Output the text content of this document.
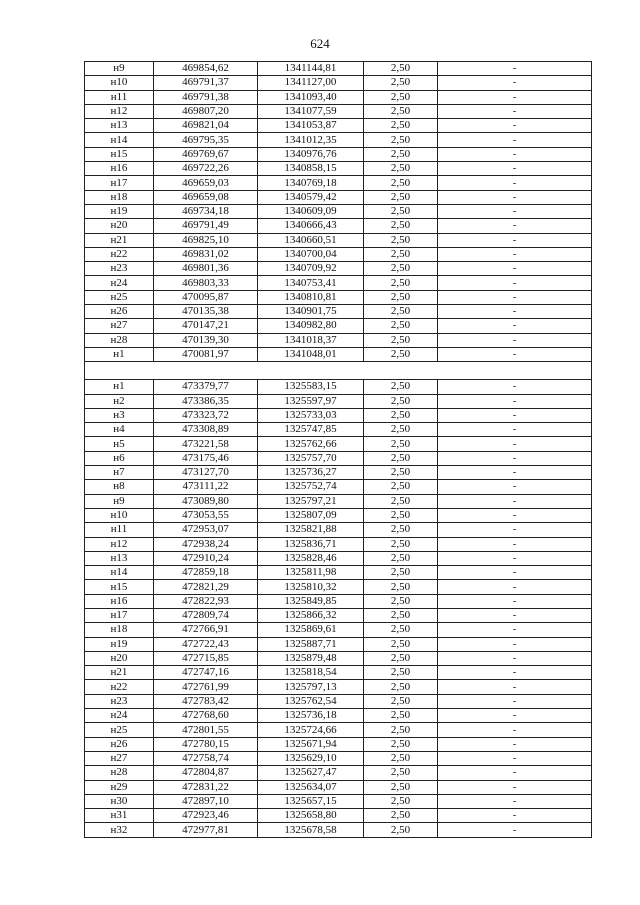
624
н9	469854,62	1341144,81	2,50	-
н10	469791,37	1341127,00	2,50	-
н11	469791,38	1341093,40	2,50	-
н12	469807,20	1341077,59	2,50	-
н13	469821,04	1341053,87	2,50	-
н14	469795,35	1341012,35	2,50	-
н15	469769,67	1340976,76	2,50	-
н16	469722,26	1340858,15	2,50	-
н17	469659,03	1340769,18	2,50	-
н18	469659,08	1340579,42	2,50	-
н19	469734,18	1340609,09	2,50	-
н20	469791,49	1340666,43	2,50	-
н21	469825,10	1340660,51	2,50	-
н22	469831,02	1340700,04	2,50	-
н23	469801,36	1340709,92	2,50	-
н24	469803,33	1340753,41	2,50	-
н25	470095,87	1340810,81	2,50	-
н26	470135,38	1340901,75	2,50	-
н27	470147,21	1340982,80	2,50	-
н28	470139,30	1341018,37	2,50	-
н1	470081,97	1341048,01	2,50	-

н1	473379,77	1325583,15	2,50	-
н2	473386,35	1325597,97	2,50	-
н3	473323,72	1325733,03	2,50	-
н4	473308,89	1325747,85	2,50	-
н5	473221,58	1325762,66	2,50	-
н6	473175,46	1325757,70	2,50	-
н7	473127,70	1325736,27	2,50	-
н8	473111,22	1325752,74	2,50	-
н9	473089,80	1325797,21	2,50	-
н10	473053,55	1325807,09	2,50	-
н11	472953,07	1325821,88	2,50	-
н12	472938,24	1325836,71	2,50	-
н13	472910,24	1325828,46	2,50	-
н14	472859,18	1325811,98	2,50	-
н15	472821,29	1325810,32	2,50	-
н16	472822,93	1325849,85	2,50	-
н17	472809,74	1325866,32	2,50	-
н18	472766,91	1325869,61	2,50	-
н19	472722,43	1325887,71	2,50	-
н20	472715,85	1325879,48	2,50	-
н21	472747,16	1325818,54	2,50	-
н22	472761,99	1325797,13	2,50	-
н23	472783,42	1325762,54	2,50	-
н24	472768,60	1325736,18	2,50	-
н25	472801,55	1325724,66	2,50	-
н26	472780,15	1325671,94	2,50	-
н27	472758,74	1325629,10	2,50	-
н28	472804,87	1325627,47	2,50	-
н29	472831,22	1325634,07	2,50	-
н30	472897,10	1325657,15	2,50	-
н31	472923,46	1325658,80	2,50	-
н32	472977,81	1325678,58	2,50	-
